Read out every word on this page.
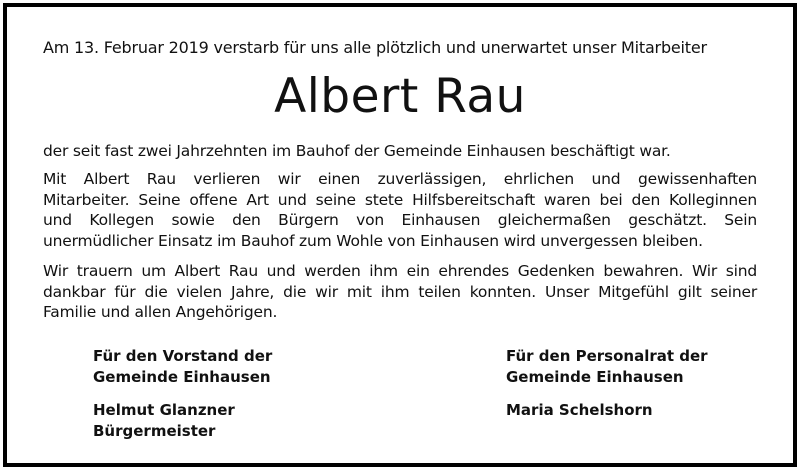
Am 13. Februar 2019 verstarb für uns alle plötzlich und unerwartet unser Mitarbeiter
Albert Rau
der seit fast zwei Jahrzehnten im Bauhof der Gemeinde Einhausen beschäftigt war.
Mit Albert Rau verlieren wir einen zuverlässigen, ehrlichen und gewissenhaften
Mitarbeiter. Seine offene Art und seine stete Hilfsbereitschaft waren bei den Kolleginnen
und Kollegen sowie den Bürgern von Einhausen gleichermaßen geschätzt. Sein
unermüdlicher Einsatz im Bauhof zum Wohle von Einhausen wird unvergessen bleiben.
Wir trauern um Albert Rau und werden ihm ein ehrendes Gedenken bewahren. Wir sind
dankbar für die vielen Jahre, die wir mit ihm teilen konnten. Unser Mitgefühl gilt seiner
Familie und allen Angehörigen.
Für den Vorstand der
Gemeinde Einhausen
Helmut Glanzner
Bürgermeister
Für den Personalrat der
Gemeinde Einhausen
Maria Schelshorn
